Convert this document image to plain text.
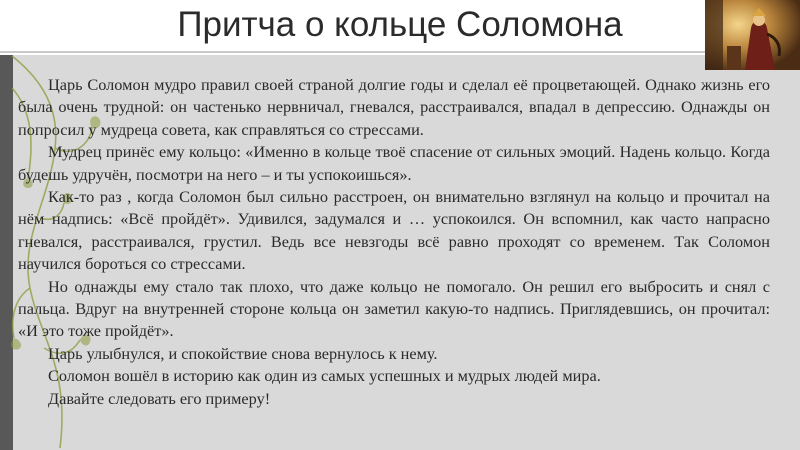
Притча о кольце Соломона

Царь Соломон мудро правил своей страной долгие годы и сделал её процветающей. Однако жизнь его была очень трудной: он частенько нервничал, гневался, расстраивался, впадал в депрессию. Однажды он попросил у мудреца совета, как справляться со стрессами.

Мудрец принёс ему кольцо: «Именно в кольце твоё спасение от сильных эмоций. Надень кольцо. Когда будешь удручён, посмотри на него – и ты успокоишься».

Как-то раз , когда Соломон был сильно расстроен, он внимательно взглянул на кольцо и прочитал на нём надпись: «Всё пройдёт». Удивился, задумался и … успокоился. Он вспомнил, как часто напрасно гневался, расстраивался, грустил. Ведь все невзгоды всё равно проходят со временем. Так Соломон научился бороться со стрессами.

Но однажды ему стало так плохо, что даже кольцо не помогало. Он решил его выбросить и снял с пальца. Вдруг на внутренней стороне кольца он заметил какую-то надпись. Приглядевшись, он прочитал: «И это тоже пройдёт».

Царь улыбнулся, и спокойствие снова вернулось к нему.

Соломон вошёл в историю как один из самых успешных и мудрых людей мира.

Давайте следовать его примеру!
